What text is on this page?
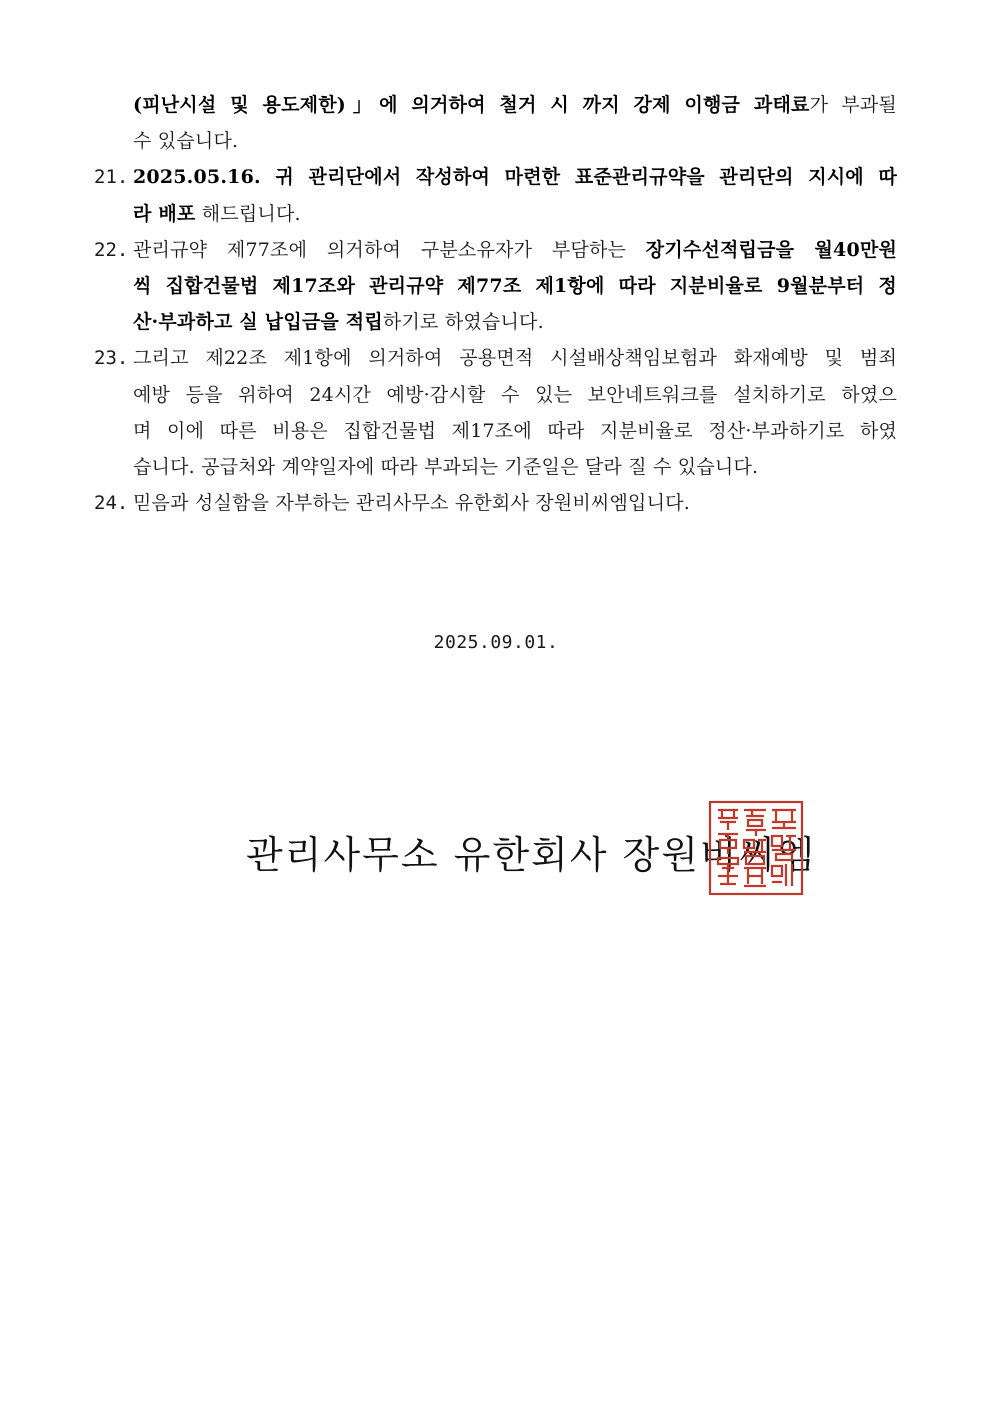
(피난시설 및 용도제한)」에 의거하여 철거 시 까지 강제 이행금 과태료가 부과될
수 있습니다.
21. 2025.05.16. 귀 관리단에서 작성하여 마련한 표준관리규약을 관리단의 지시에 따
라 배포 해드립니다.
22. 관리규약 제77조에 의거하여 구분소유자가 부담하는 장기수선적립금을 월40만원
씩 집합건물법 제17조와 관리규약 제77조 제1항에 따라 지분비율로 9월분부터 정
산·부과하고 실 납입금을 적립하기로 하였습니다.
23. 그리고 제22조 제1항에 의거하여 공용면적 시설배상책임보험과 화재예방 및 범죄
예방 등을 위하여 24시간 예방·감시할 수 있는 보안네트워크를 설치하기로 하였으
며 이에 따른 비용은 집합건물법 제17조에 따라 지분비율로 정산·부과하기로 하였
습니다. 공급처와 계약일자에 따라 부과되는 기준일은 달라 질 수 있습니다.
24. 믿음과 성실함을 자부하는 관리사무소 유한회사 장원비씨엠입니다.
2025.09.01.
관리사무소 유한회사 장원비씨엠
